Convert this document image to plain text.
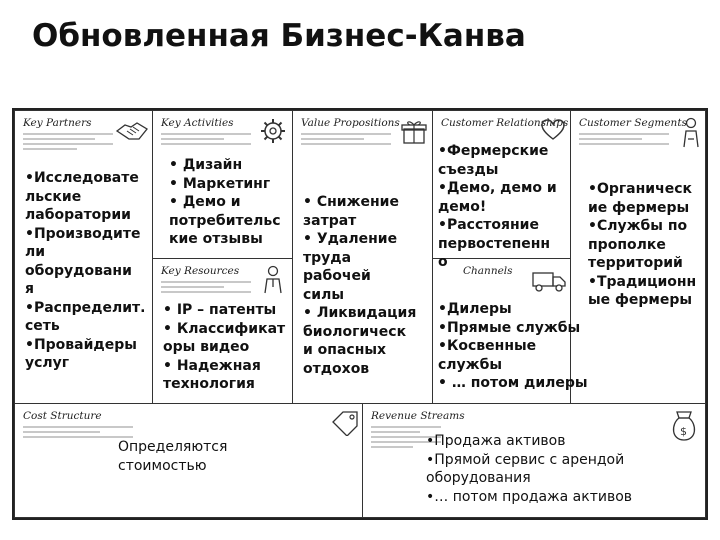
Обновленная Бизнес-Канва
Key Partners
•Исследовате
льские
лаборатории
•Производите
ли
оборудовани
я
•Распределит.
сеть
•Провайдеры
услуг
Key Activities
• Дизайн
• Маркетинг
• Демо и
потребительс
кие отзывы
Key Resources
• IP – патенты
• Классификат
оры видео
• Надежная
технология
Value Propositions
• Снижение
затрат
• Удаление
труда
рабочей
силы
• Ликвидация
биологическ
и опасных
отдохов
Customer Relationships
Channels
Customer Segments
Cost Structure
Определяются
стоимостью
Revenue Streams
$
•Фермерские
съезды
•Демо, демо и
демо!
•Расстояние
первостепенн
о
•Дилеры
•Прямые службы
•Косвенные
службы
• … потом дилеры
•Органическ
ие фермеры
•Службы по
прополке
территорий
•Традиционн
ые фермеры
•Продажа активов
•Прямой сервис с арендой
оборудования
•… потом продажа активов
